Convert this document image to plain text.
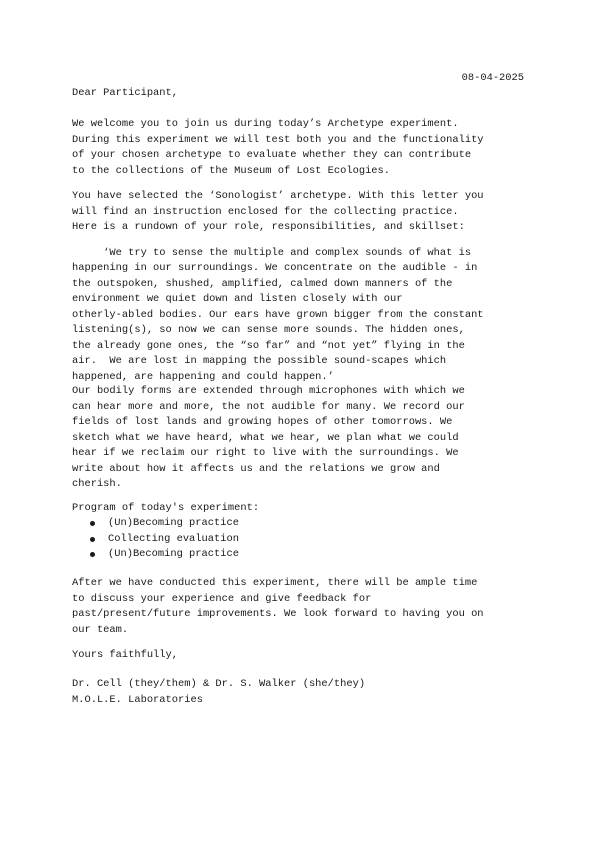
08-04-2025
Dear Participant,
We welcome you to join us during today’s Archetype experiment.
During this experiment we will test both you and the functionality
of your chosen archetype to evaluate whether they can contribute
to the collections of the Museum of Lost Ecologies.
You have selected the ‘Sonologist’ archetype. With this letter you
will find an instruction enclosed for the collecting practice.
Here is a rundown of your role, responsibilities, and skillset:
‘We try to sense the multiple and complex sounds of what is
happening in our surroundings. We concentrate on the audible - in
the outspoken, shushed, amplified, calmed down manners of the
environment we quiet down and listen closely with our
otherly-abled bodies. Our ears have grown bigger from the constant
listening(s), so now we can sense more sounds. The hidden ones,
the already gone ones, the “so far” and “not yet” flying in the
air.  We are lost in mapping the possible sound-scapes which
happened, are happening and could happen.’
Our bodily forms are extended through microphones with which we
can hear more and more, the not audible for many. We record our
fields of lost lands and growing hopes of other tomorrows. We
sketch what we have heard, what we hear, we plan what we could
hear if we reclaim our right to live with the surroundings. We
write about how it affects us and the relations we grow and
cherish.
Program of today's experiment:

(Un)Becoming practice

Collecting evaluation

(Un)Becoming practice

After we have conducted this experiment, there will be ample time
to discuss your experience and give feedback for
past/present/future improvements. We look forward to having you on
our team.
Yours faithfully,
Dr. Cell (they/them) & Dr. S. Walker (she/they)
M.O.L.E. Laboratories
